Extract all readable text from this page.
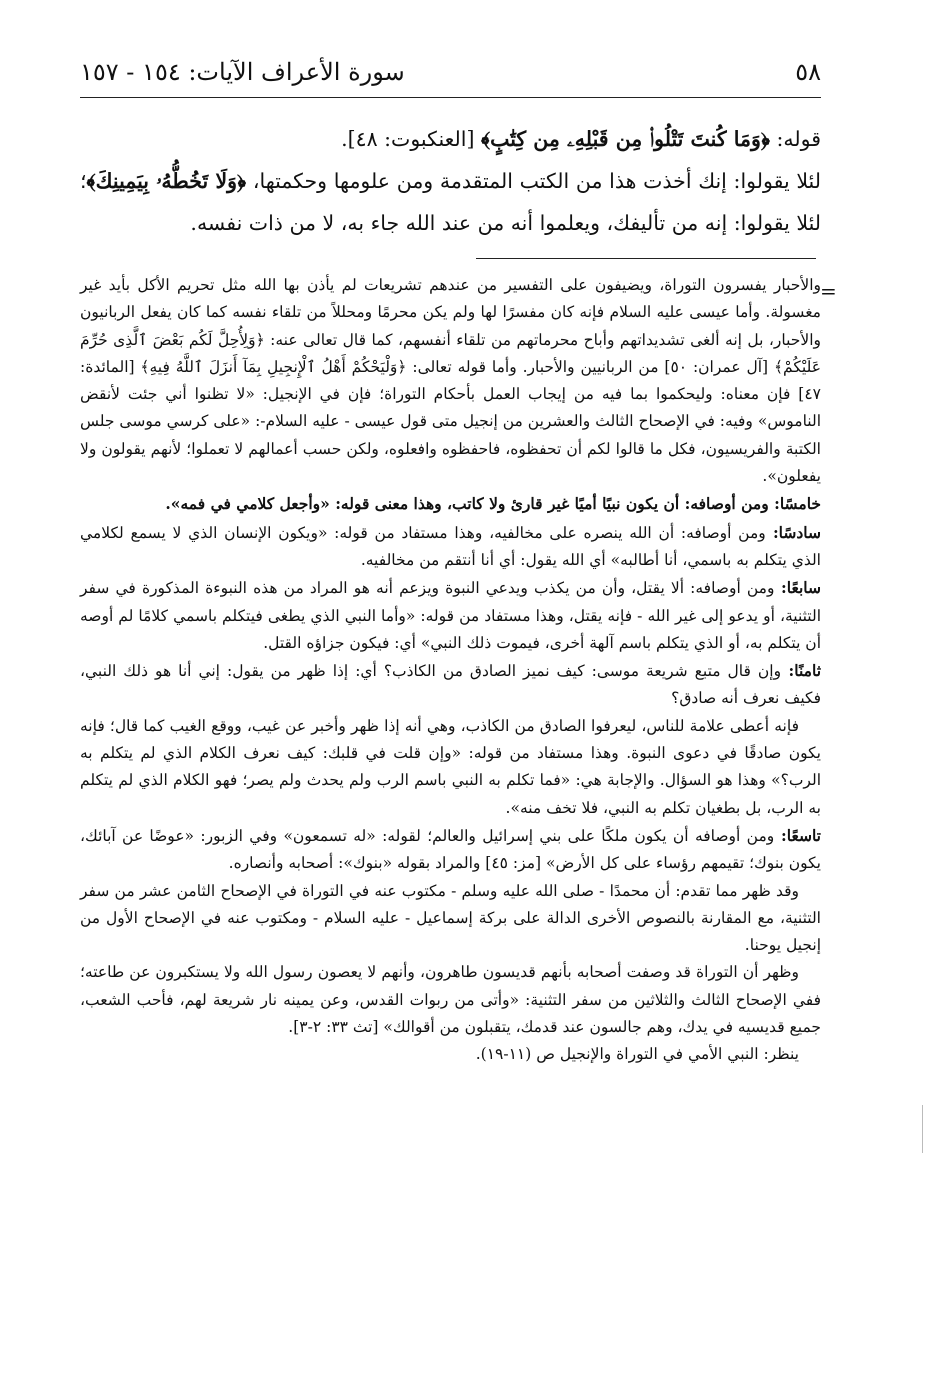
٥٨
سورة الأعراف الآيات: ١٥٤ - ١٥٧

قوله: ﴿وَمَا كُنتَ تَتْلُوا۟ مِن قَبْلِهِۦ مِن كِتَٰبٍ﴾ [العنكبوت: ٤٨].

لئلا يقولوا: إنك أخذت هذا من الكتب المتقدمة ومن علومها وحكمتها، ﴿وَلَا تَخُطُّهُۥ بِيَمِينِكَ﴾؛ لئلا يقولوا: إنه من تأليفك، ويعلموا أنه من عند الله جاء به، لا من ذات نفسه.

=

والأحبار يفسرون التوراة، ويضيفون على التفسير من عندهم تشريعات لم يأذن بها الله مثل تحريم الأكل بأيد غير مغسولة. وأما عيسى عليه السلام فإنه كان مفسرًا لها ولم يكن محرمًا ومحللاً من تلقاء نفسه كما كان يفعل الربانيون والأحبار، بل إنه ألغى تشديداتهم وأباح محرماتهم من تلقاء أنفسهم، كما قال تعالى عنه: ﴿وَلِأُحِلَّ لَكُم بَعْضَ ٱلَّذِى حُرِّمَ عَلَيْكُمْ﴾ [آل عمران: ٥٠] من الربانيين والأحبار. وأما قوله تعالى: ﴿وَلْيَحْكُمْ أَهْلُ ٱلْإِنجِيلِ بِمَآ أَنزَلَ ٱللَّهُ فِيهِ﴾ [المائدة: ٤٧] فإن معناه: وليحكموا بما فيه من إيجاب العمل بأحكام التوراة؛ فإن في الإنجيل: «لا تظنوا أني جئت لأنقض الناموس» وفيه: في الإصحاح الثالث والعشرين من إنجيل متى قول عيسى - عليه السلام-: «على كرسي موسى جلس الكتبة والفريسيون، فكل ما قالوا لكم أن تحفظوه، فاحفظوه وافعلوه، ولكن حسب أعمالهم لا تعملوا؛ لأنهم يقولون ولا يفعلون».

خامسًا: ومن أوصافه: أن يكون نبيًا أميًا غير قارئ ولا كاتب، وهذا معنى قوله: «وأجعل كلامي في فمه».

سادسًا: ومن أوصافه: أن الله ينصره على مخالفيه، وهذا مستفاد من قوله: «ويكون الإنسان الذي لا يسمع لكلامي الذي يتكلم به باسمي، أنا أطالبه» أي الله يقول: أي أنا أنتقم من مخالفيه.

سابعًا: ومن أوصافه: ألا يقتل، وأن من يكذب ويدعي النبوة ويزعم أنه هو المراد من هذه النبوءة المذكورة في سفر التثنية، أو يدعو إلى غير الله - فإنه يقتل، وهذا مستفاد من قوله: «وأما النبي الذي يطغى فيتكلم باسمي كلامًا لم أوصه أن يتكلم به، أو الذي يتكلم باسم آلهة أخرى، فيموت ذلك النبي» أي: فيكون جزاؤه القتل.

ثامنًا: وإن قال متبع شريعة موسى: كيف نميز الصادق من الكاذب؟ أي: إذا ظهر من يقول: إني أنا هو ذلك النبي، فكيف نعرف أنه صادق؟

فإنه أعطى علامة للناس، ليعرفوا الصادق من الكاذب، وهي أنه إذا ظهر وأخبر عن غيب، ووقع الغيب كما قال؛ فإنه يكون صادقًا في دعوى النبوة. وهذا مستفاد من قوله: «وإن قلت في قلبك: كيف نعرف الكلام الذي لم يتكلم به الرب؟» وهذا هو السؤال. والإجابة هي: «فما تكلم به النبي باسم الرب ولم يحدث ولم يصر؛ فهو الكلام الذي لم يتكلم به الرب، بل بطغيان تكلم به النبي، فلا تخف منه».

تاسعًا: ومن أوصافه أن يكون ملكًا على بني إسرائيل والعالم؛ لقوله: «له تسمعون» وفي الزبور: «عوضًا عن آبائك، يكون بنوك؛ تقيمهم رؤساء على كل الأرض» [مز: ٤٥] والمراد بقوله «بنوك»: أصحابه وأنصاره.

وقد ظهر مما تقدم: أن محمدًا - صلى الله عليه وسلم - مكتوب عنه في التوراة في الإصحاح الثامن عشر من سفر التثنية، مع المقارنة بالنصوص الأخرى الدالة على بركة إسماعيل - عليه السلام - ومكتوب عنه في الإصحاح الأول من إنجيل يوحنا.

وظهر أن التوراة قد وصفت أصحابه بأنهم قديسون طاهرون، وأنهم لا يعصون رسول الله ولا يستكبرون عن طاعته؛ ففي الإصحاح الثالث والثلاثين من سفر التثنية: «وأتى من ربوات القدس، وعن يمينه نار شريعة لهم، فأحب الشعب، جميع قديسيه في يدك، وهم جالسون عند قدمك، يتقبلون من أقوالك» [تث ٣٣: ٢-٣].

ينظر: النبي الأمي في التوراة والإنجيل ص (١١-١٩).
